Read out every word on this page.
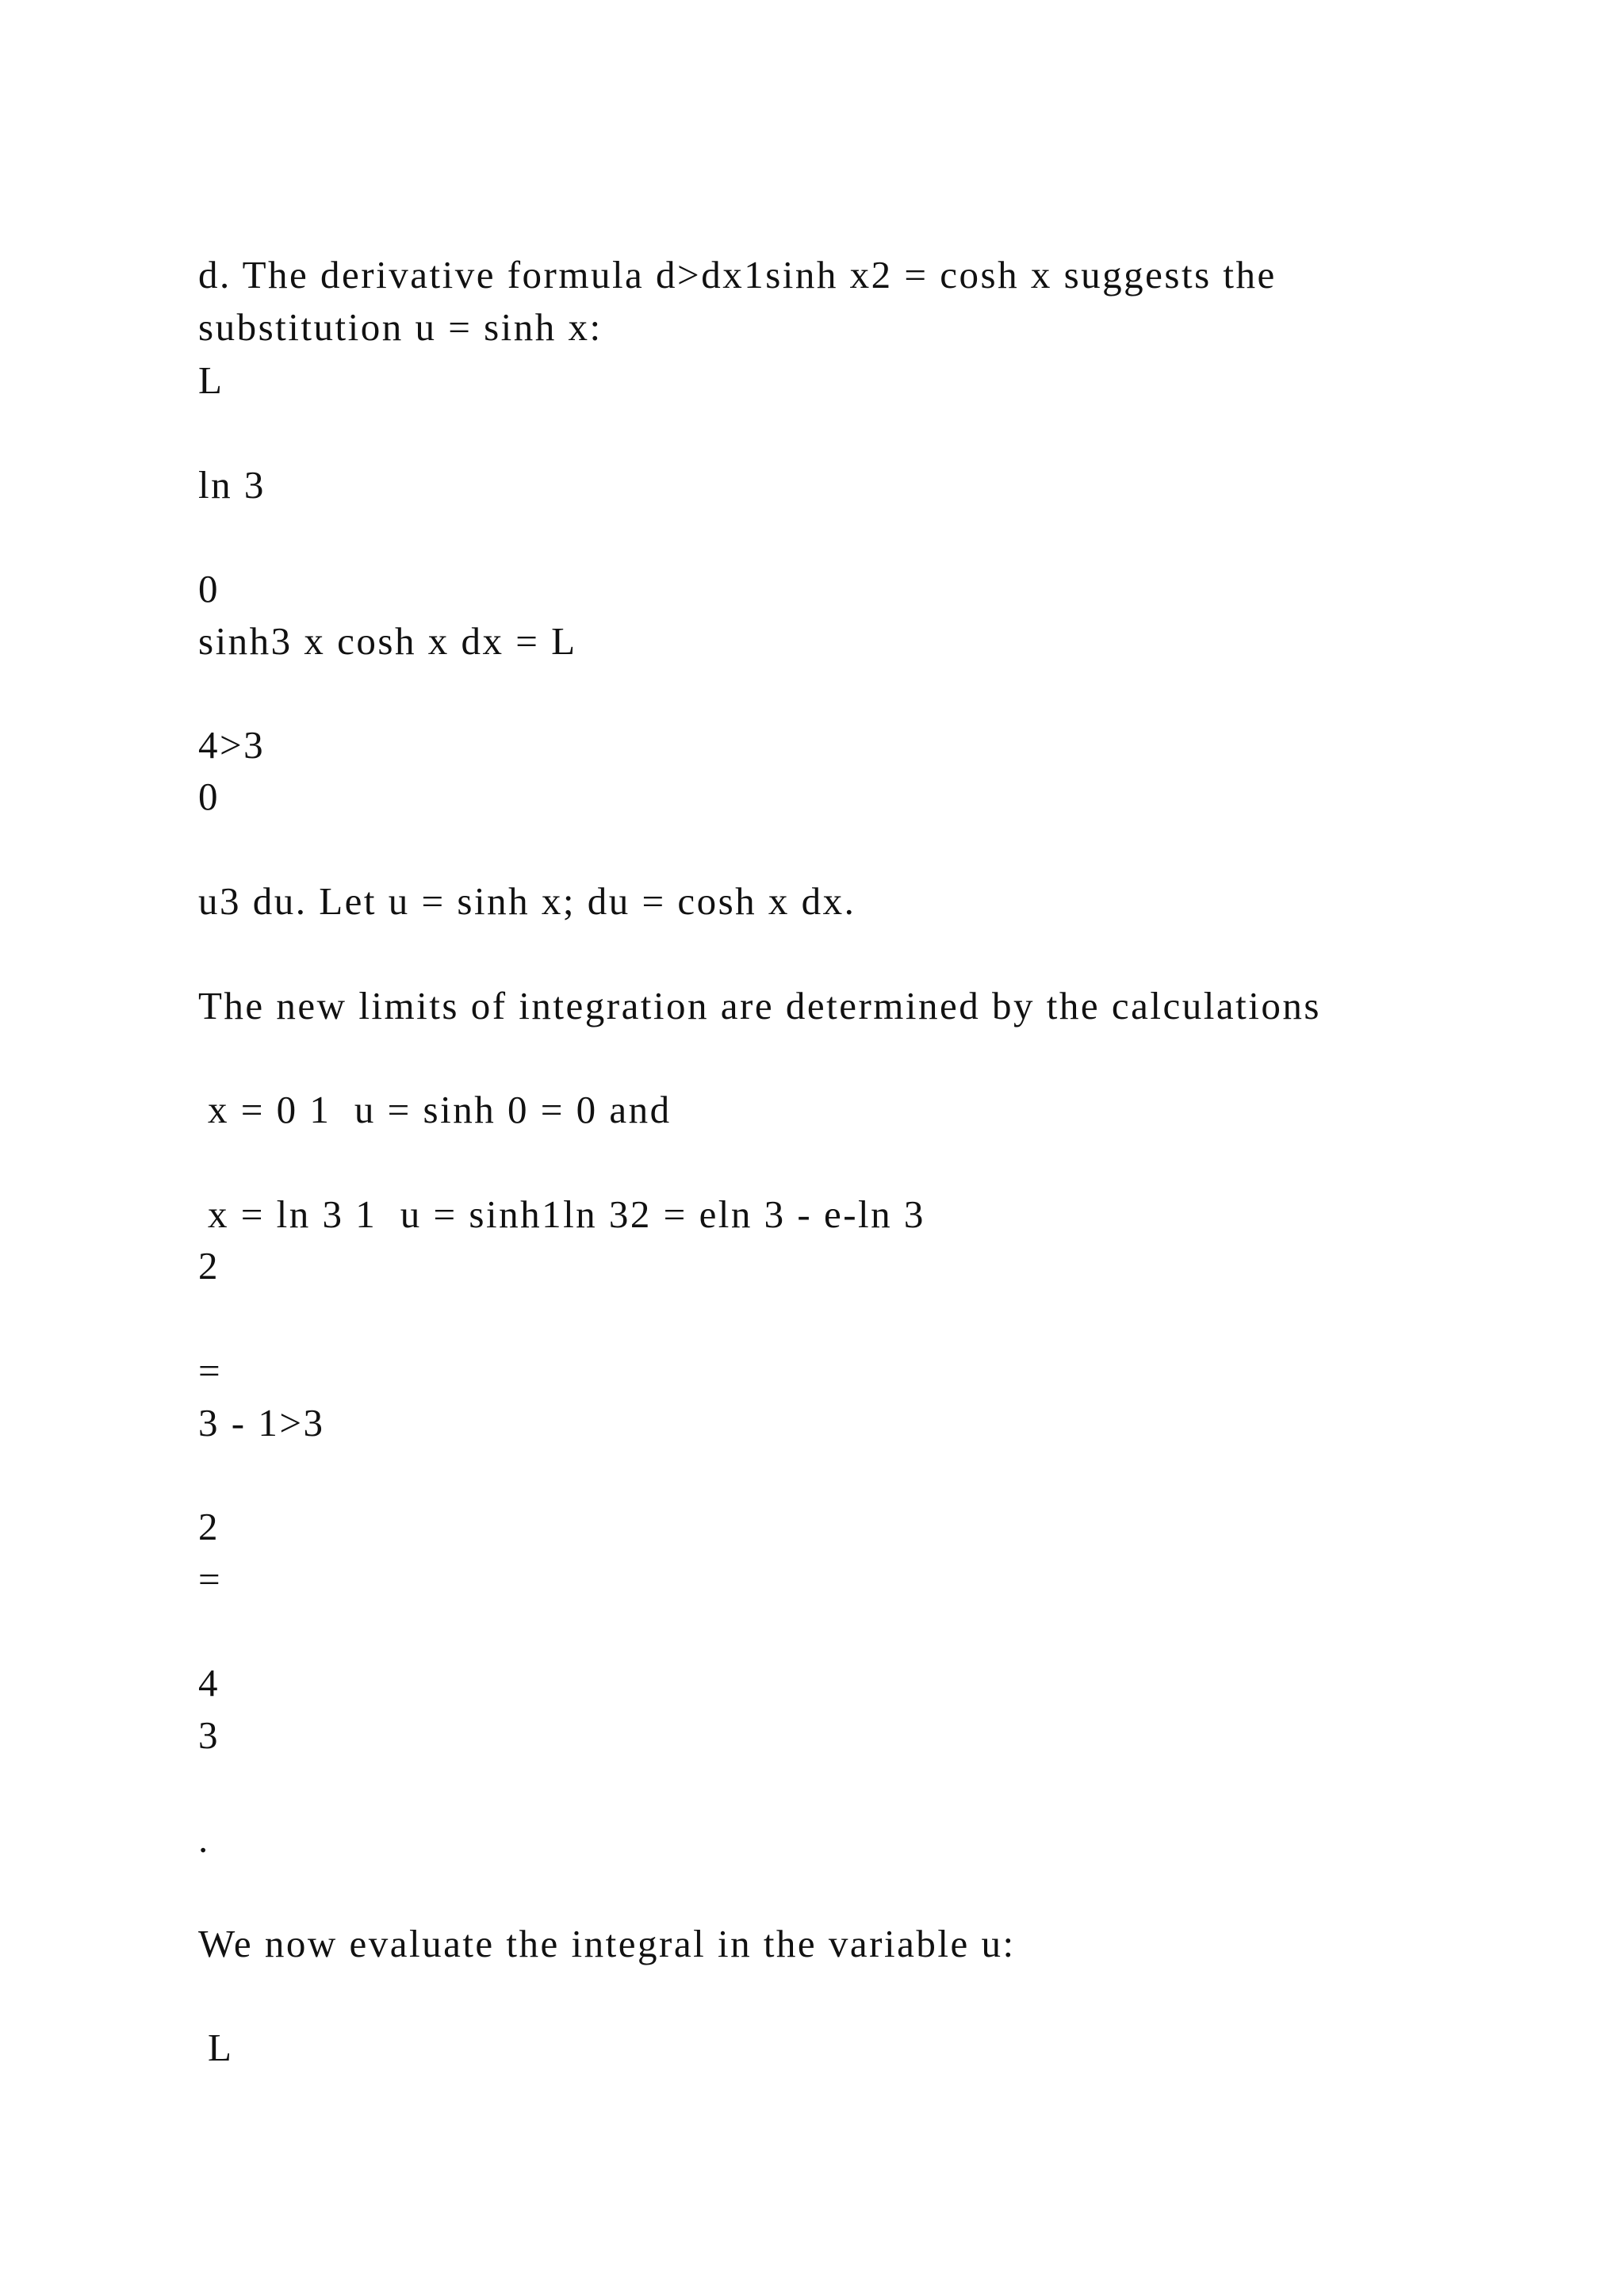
d. The derivative formula d>dx1sinh x2 = cosh x suggests the

substitution u = sinh x:

L

ln 3

0

sinh3 x cosh x dx = L

4>3

0

u3 du. Let u = sinh x; du = cosh x dx.

The new limits of integration are determined by the calculations

x = 0 1  u = sinh 0 = 0 and

x = ln 3 1  u = sinh1ln 32 = eln 3 - e-ln 3

2

=

3 - 1>3

2

=

4

3

.

We now evaluate the integral in the variable u:

L
